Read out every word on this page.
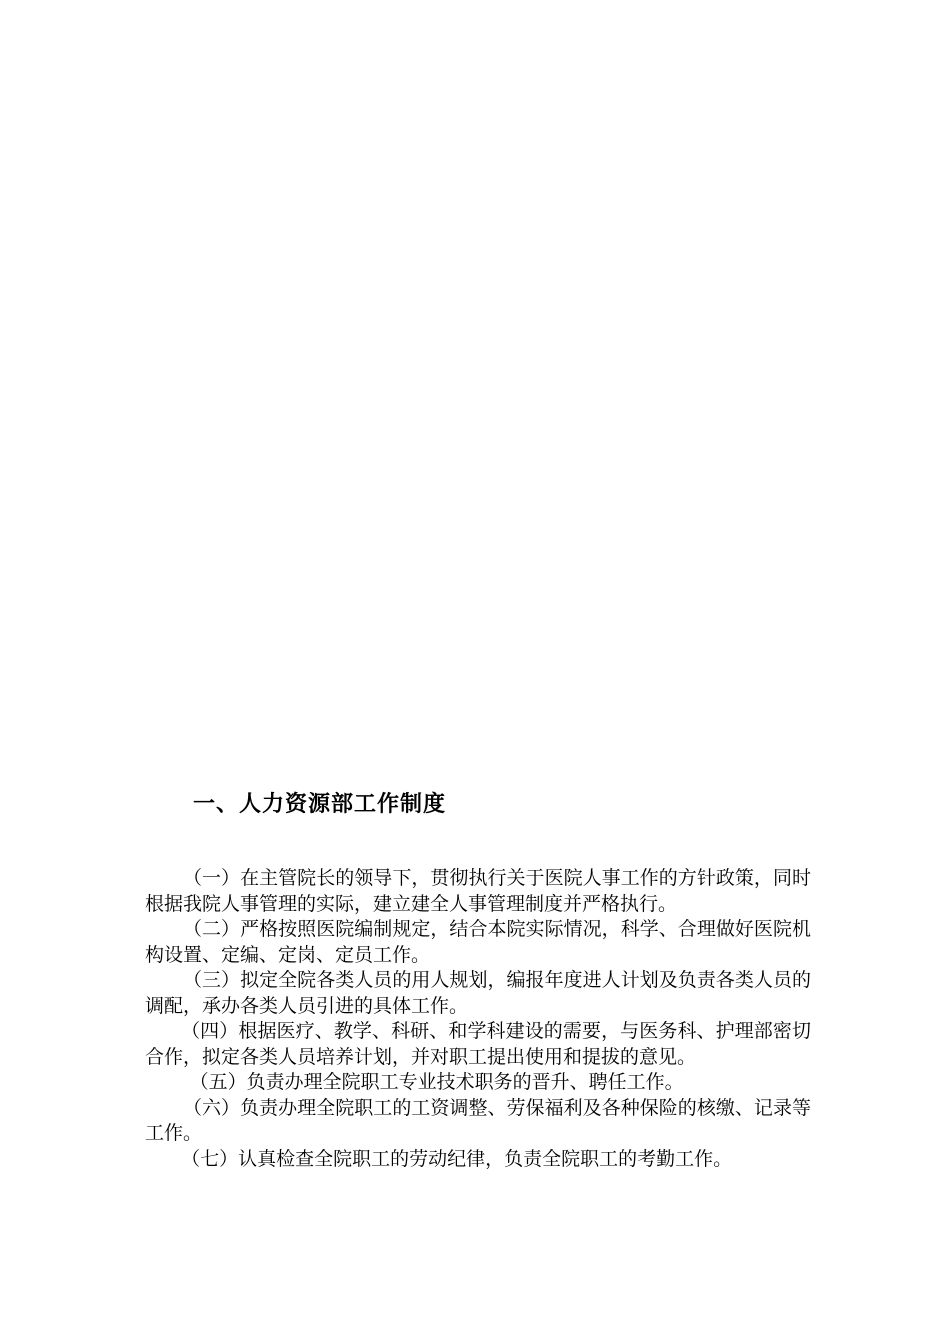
一、人力资源部工作制度

（一）在主管院长的领导下，贯彻执行关于医院人事工作的方针政策，同时根据我院人事管理的实际，建立建全人事管理制度并严格执行。

（二）严格按照医院编制规定，结合本院实际情况，科学、合理做好医院机构设置、定编、定岗、定员工作。

（三）拟定全院各类人员的用人规划，编报年度进人计划及负责各类人员的调配，承办各类人员引进的具体工作。

（四）根据医疗、教学、科研、和学科建设的需要，与医务科、护理部密切合作，拟定各类人员培养计划，并对职工提出使用和提拔的意见。

（五）负责办理全院职工专业技术职务的晋升、聘任工作。

（六）负责办理全院职工的工资调整、劳保福利及各种保险的核缴、记录等工作。

（七）认真检查全院职工的劳动纪律，负责全院职工的考勤工作。
